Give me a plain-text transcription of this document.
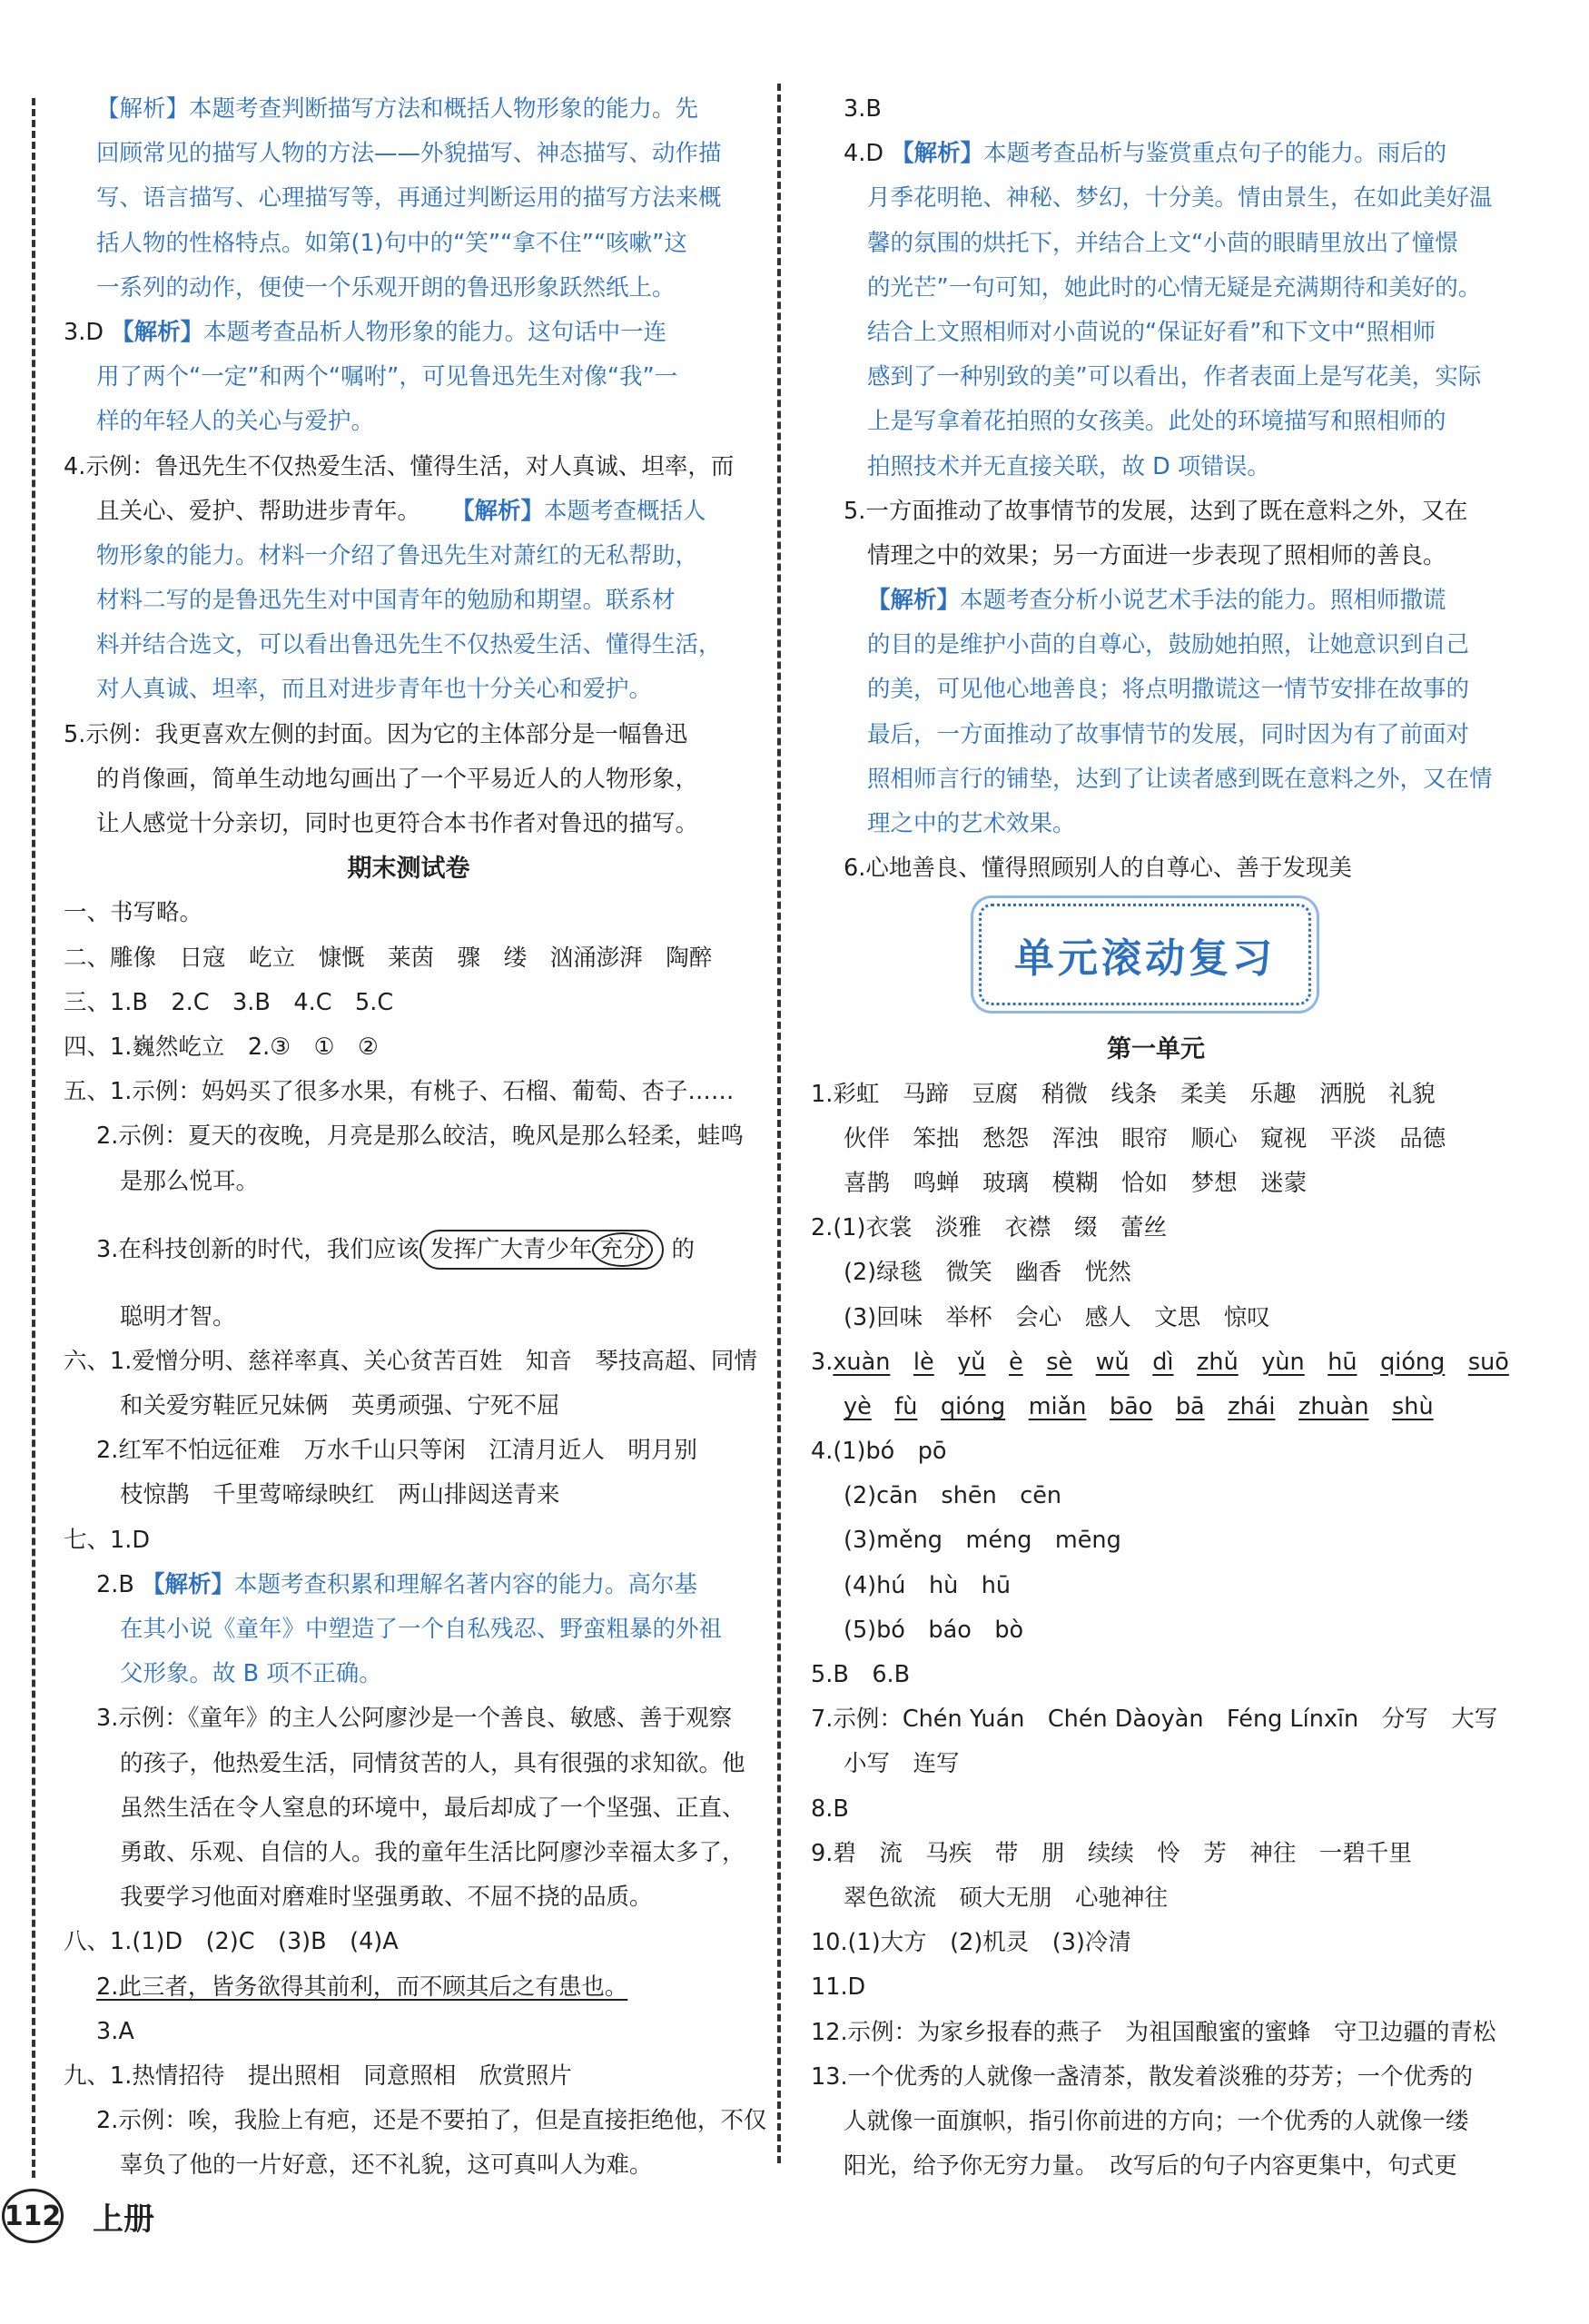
【解析】本题考查判断描写方法和概括人物形象的能力。先
回顾常见的描写人物的方法——外貌描写、神态描写、动作描
写、语言描写、心理描写等，再通过判断运用的描写方法来概
括人物的性格特点。如第(1)句中的“笑”“拿不住”“咳嗽”这
一系列的动作，便使一个乐观开朗的鲁迅形象跃然纸上。
3.D 【解析】本题考查品析人物形象的能力。这句话中一连
用了两个“一定”和两个“嘱咐”，可见鲁迅先生对像“我”一
样的年轻人的关心与爱护。
4.示例：鲁迅先生不仅热爱生活、懂得生活，对人真诚、坦率，而
且关心、爱护、帮助进步青年。 【解析】本题考查概括人
物形象的能力。材料一介绍了鲁迅先生对萧红的无私帮助，
材料二写的是鲁迅先生对中国青年的勉励和期望。联系材
料并结合选文，可以看出鲁迅先生不仅热爱生活、懂得生活，
对人真诚、坦率，而且对进步青年也十分关心和爱护。
5.示例：我更喜欢左侧的封面。因为它的主体部分是一幅鲁迅
的肖像画，简单生动地勾画出了一个平易近人的人物形象，
让人感觉十分亲切，同时也更符合本书作者对鲁迅的描写。
期末测试卷
一、书写略。
二、雕像　 日寇　 屹立　 慷慨　 莱茵　 骤　 缕　 汹涌澎湃　 陶醉
三、1.B　 2.C　 3.B　 4.C　 5.C
四、1.巍然屹立　 2.③　 ①　 ②
五、1.示例：妈妈买了很多水果，有桃子、石榴、葡萄、杏子……
2.示例：夏天的夜晚，月亮是那么皎洁，晚风是那么轻柔，蛙鸣
是那么悦耳。
3.在科技创新的时代，我们应该 发挥广大青少年 充分 的
聪明才智。
六、1.爱憎分明、慈祥率真、关心贫苦百姓　知音　琴技高超、同情
和关爱穷鞋匠兄妹俩　英勇顽强、宁死不屈
2.红军不怕远征难　万水千山只等闲　江清月近人　明月别
枝惊鹊　千里莺啼绿映红　两山排闼送青来
七、1.D
2.B 【解析】本题考查积累和理解名著内容的能力。高尔基
在其小说《童年》中塑造了一个自私残忍、野蛮粗暴的外祖
父形象。故 B 项不正确。
3.示例：《童年》的主人公阿廖沙是一个善良、敏感、善于观察
的孩子，他热爱生活，同情贫苦的人，具有很强的求知欲。他
虽然生活在令人窒息的环境中，最后却成了一个坚强、正直、
勇敢、乐观、自信的人。我的童年生活比阿廖沙幸福太多了，
我要学习他面对磨难时坚强勇敢、不屈不挠的品质。
八、1.(1)D　(2)C　(3)B　(4)A
2.此三者，皆务欲得其前利，而不顾其后之有患也。
3.A
九、1.热情招待　提出照相　同意照相　欣赏照片
2.示例：唉，我脸上有疤，还是不要拍了，但是直接拒绝他，不仅
辜负了他的一片好意，还不礼貌，这可真叫人为难。
3.B
4.D 【解析】本题考查品析与鉴赏重点句子的能力。雨后的
月季花明艳、神秘、梦幻，十分美。情由景生，在如此美好温
馨的氛围的烘托下，并结合上文“小茴的眼睛里放出了憧憬
的光芒”一句可知，她此时的心情无疑是充满期待和美好的。
结合上文照相师对小茴说的“保证好看”和下文中“照相师
感到了一种别致的美”可以看出，作者表面上是写花美，实际
上是写拿着花拍照的女孩美。此处的环境描写和照相师的
拍照技术并无直接关联，故 D 项错误。
5.一方面推动了故事情节的发展，达到了既在意料之外，又在
情理之中的效果；另一方面进一步表现了照相师的善良。
【解析】本题考查分析小说艺术手法的能力。照相师撒谎
的目的是维护小茴的自尊心，鼓励她拍照，让她意识到自己
的美，可见他心地善良；将点明撒谎这一情节安排在故事的
最后，一方面推动了故事情节的发展，同时因为有了前面对
照相师言行的铺垫，达到了让读者感到既在意料之外，又在情
理之中的艺术效果。
6.心地善良、懂得照顾别人的自尊心、善于发现美
单元滚动复习
第一单元
1.彩虹　 马蹄　 豆腐　 稍微　 线条　 柔美　 乐趣　 洒脱　 礼貌
伙伴　 笨拙　 愁怨　 浑浊　 眼帘　 顺心　 窥视　 平淡　 品德
喜鹊　 鸣蝉　 玻璃　 模糊　 恰如　 梦想　 迷蒙
2.(1)衣裳　 淡雅　 衣襟　 缀　 蕾丝
(2)绿毯　 微笑　 幽香　 恍然
(3)回味　 举杯　 会心　 感人　 文思　 惊叹
3.xuàn　 lè　 yǔ　 è　 sè　 wǔ　 dì　 zhǔ　 yùn　 hū　 qióng　 suō
yè　 fù　 qióng　 miǎn　 bāo　 bā　 zhái　 zhuàn　 shù
4.(1)bó　pō
(2)cān　shēn　cēn
(3)měng　méng　mēng
(4)hú　hù　hū
(5)bó　báo　bò
5.B　6.B
7.示例：Chén Yuán　Chén Dàoyàn　Féng Línxīn　分写　大写
小写　连写
8.B
9.碧　流　马疾　带　朋　续续　怜　芳　神往　一碧千里
翠色欲流　硕大无朋　心驰神往
10.(1)大方　(2)机灵　(3)冷清
11.D
12.示例：为家乡报春的燕子　为祖国酿蜜的蜜蜂　守卫边疆的青松
13.一个优秀的人就像一盏清茶，散发着淡雅的芬芳；一个优秀的
人就像一面旗帜，指引你前进的方向；一个优秀的人就像一缕
阳光，给予你无穷力量。　改写后的句子内容更集中，句式更
112 上册
